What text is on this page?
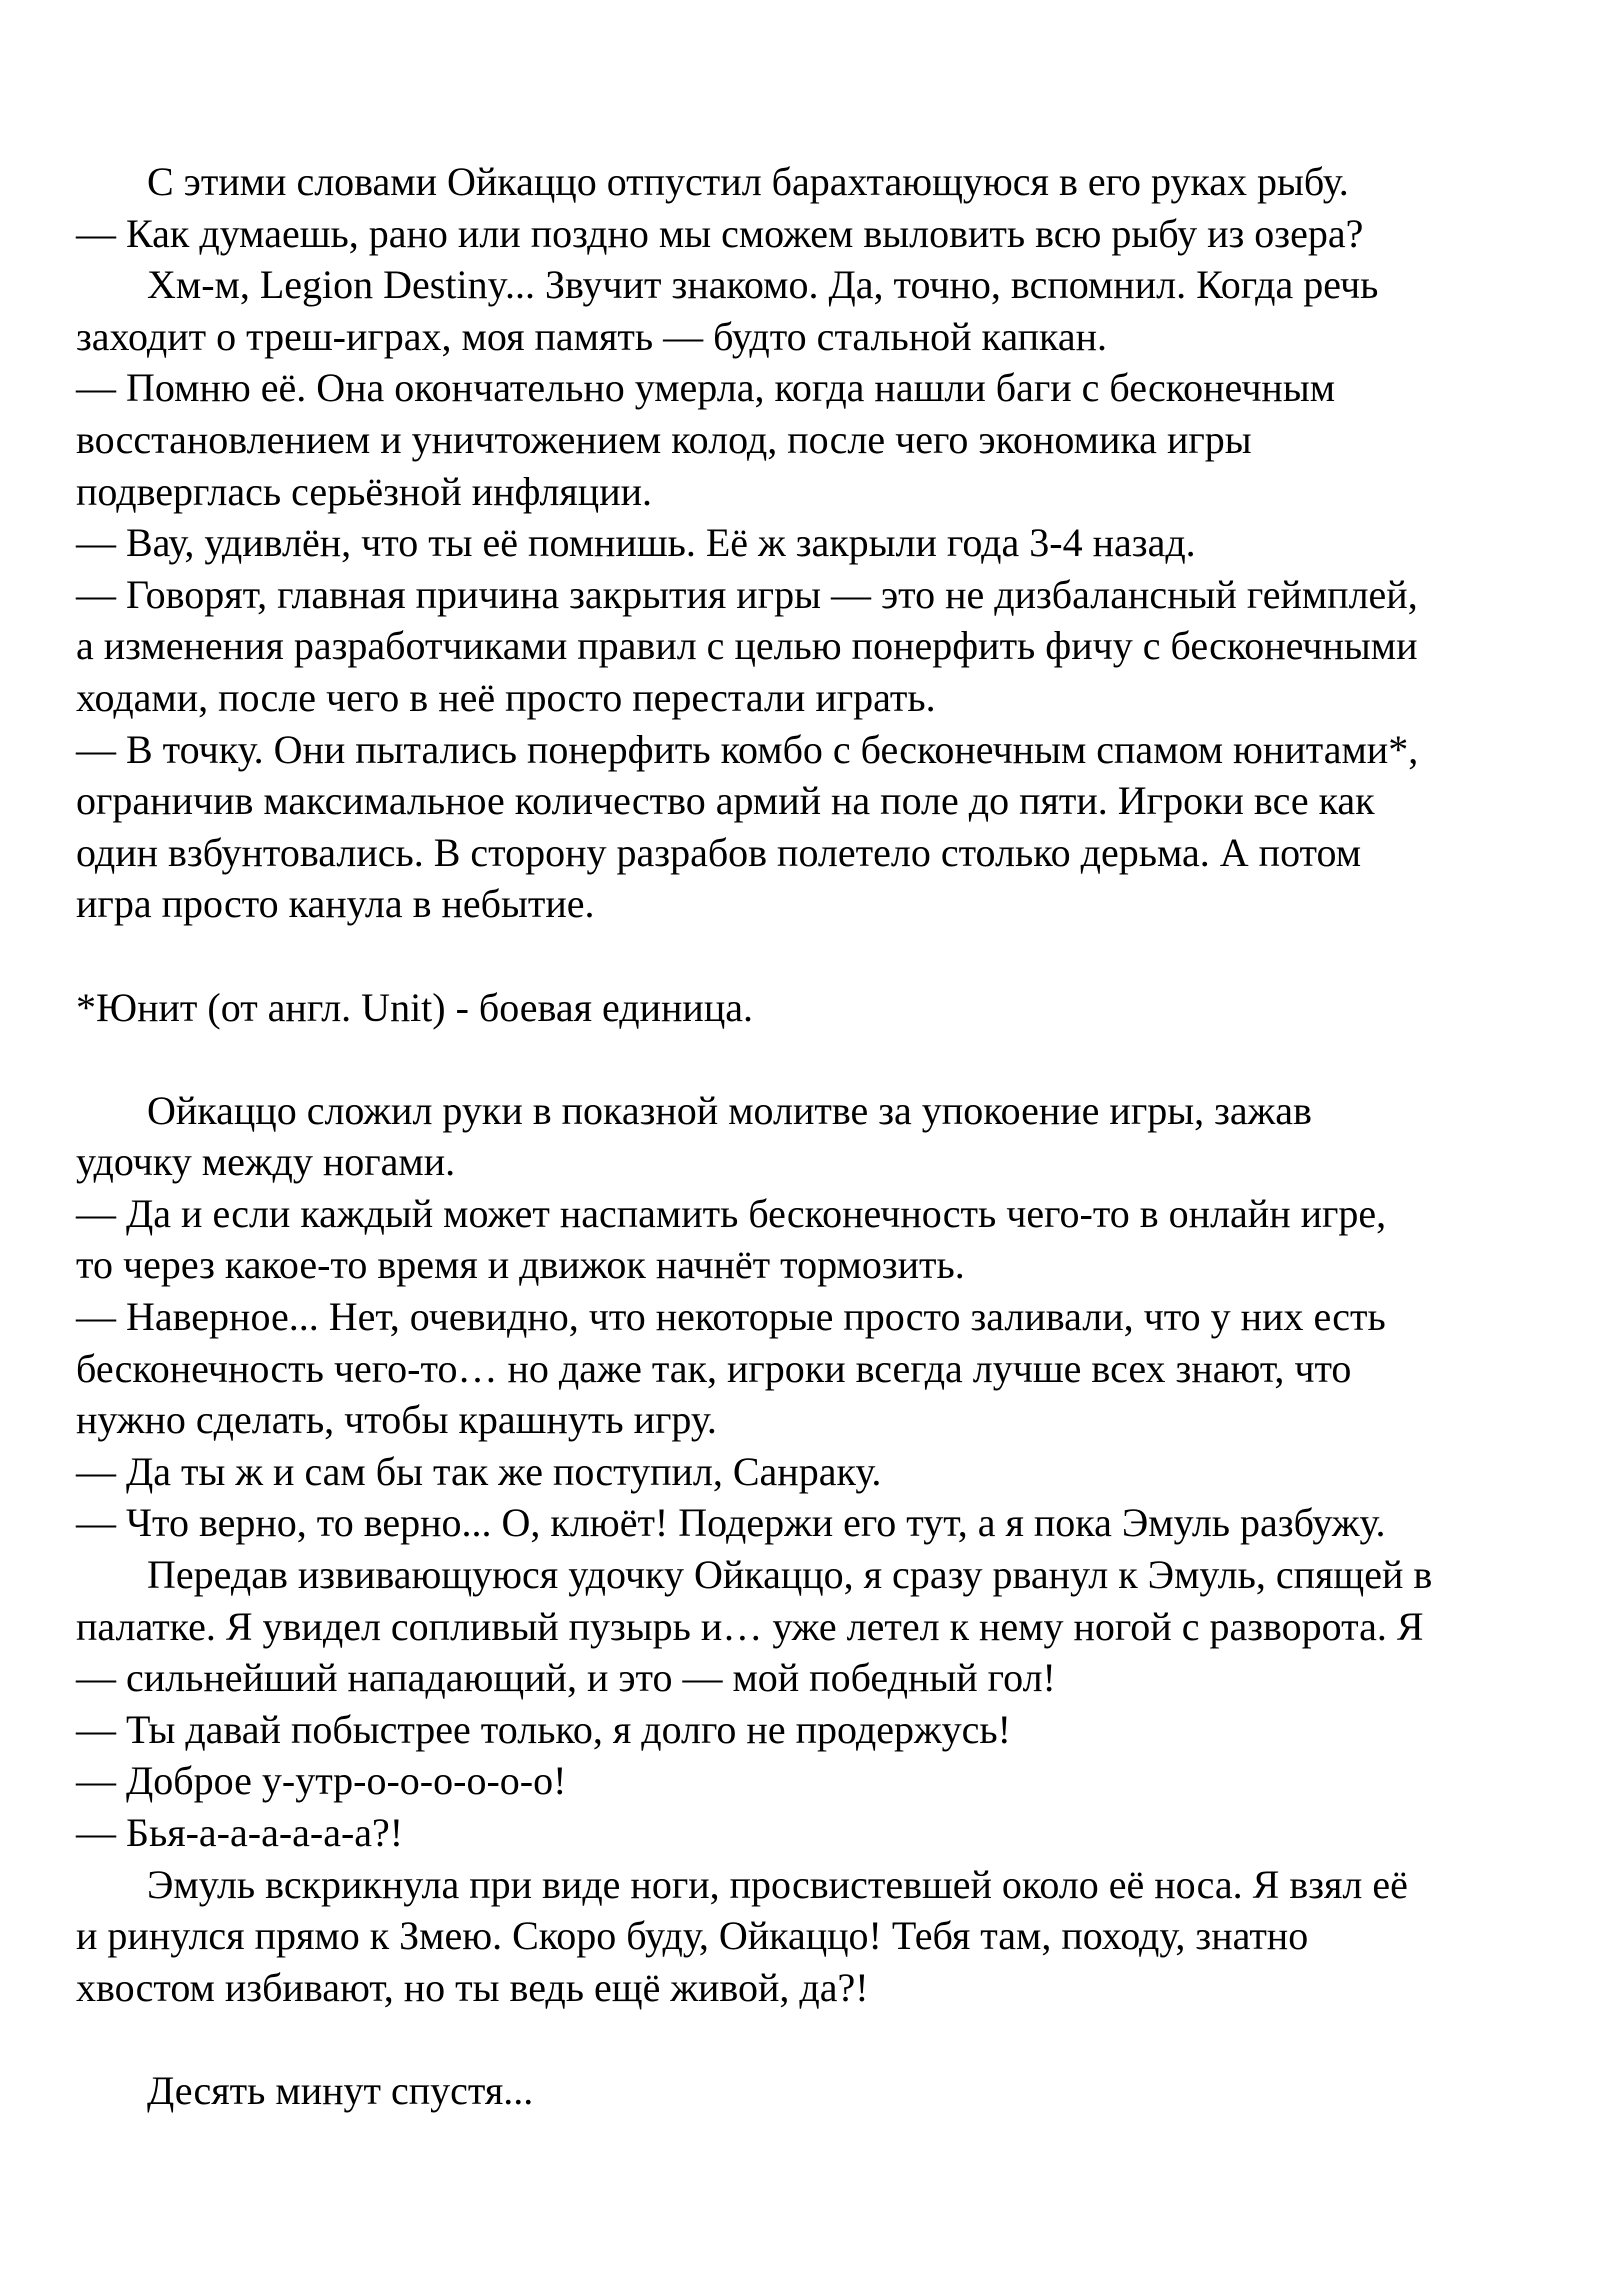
С этими словами Ойкаццо отпустил барахтающуюся в его руках рыбу.
— Как думаешь, рано или поздно мы сможем выловить всю рыбу из озера?
Хм-м, Legion Destiny... Звучит знакомо. Да, точно, вспомнил. Когда речь
заходит о треш-играх, моя память — будто стальной капкан.
— Помню её. Она окончательно умерла, когда нашли баги с бесконечным
восстановлением и уничтожением колод, после чего экономика игры
подверглась серьёзной инфляции.
— Вау, удивлён, что ты её помнишь. Её ж закрыли года 3-4 назад.
— Говорят, главная причина закрытия игры — это не дизбалансный геймплей,
а изменения разработчиками правил с целью понерфить фичу с бесконечными
ходами, после чего в неё просто перестали играть.
— В точку. Они пытались понерфить комбо с бесконечным спамом юнитами*,
ограничив максимальное количество армий на поле до пяти. Игроки все как
один взбунтовались. В сторону разрабов полетело столько дерьма. А потом
игра просто канула в небытие.
*Юнит (от англ. Unit) - боевая единица.
Ойкаццо сложил руки в показной молитве за упокоение игры, зажав
удочку между ногами.
— Да и если каждый может наспамить бесконечность чего-то в онлайн игре,
то через какое-то время и движок начнёт тормозить.
— Наверное... Нет, очевидно, что некоторые просто заливали, что у них есть
бесконечность чего-то… но даже так, игроки всегда лучше всех знают, что
нужно сделать, чтобы крашнуть игру.
— Да ты ж и сам бы так же поступил, Санраку.
— Что верно, то верно... О, клюёт! Подержи его тут, а я пока Эмуль разбужу.
Передав извивающуюся удочку Ойкаццо, я сразу рванул к Эмуль, спящей в
палатке. Я увидел сопливый пузырь и… уже летел к нему ногой с разворота. Я
— сильнейший нападающий, и это — мой победный гол!
— Ты давай побыстрее только, я долго не продержусь!
— Доброе у-утр-о-о-о-о-о-о!
— Бья-а-а-а-а-а-а?!
Эмуль вскрикнула при виде ноги, просвистевшей около её носа. Я взял её
и ринулся прямо к Змею. Скоро буду, Ойкаццо! Тебя там, походу, знатно
хвостом избивают, но ты ведь ещё живой, да?!
Десять минут спустя...
